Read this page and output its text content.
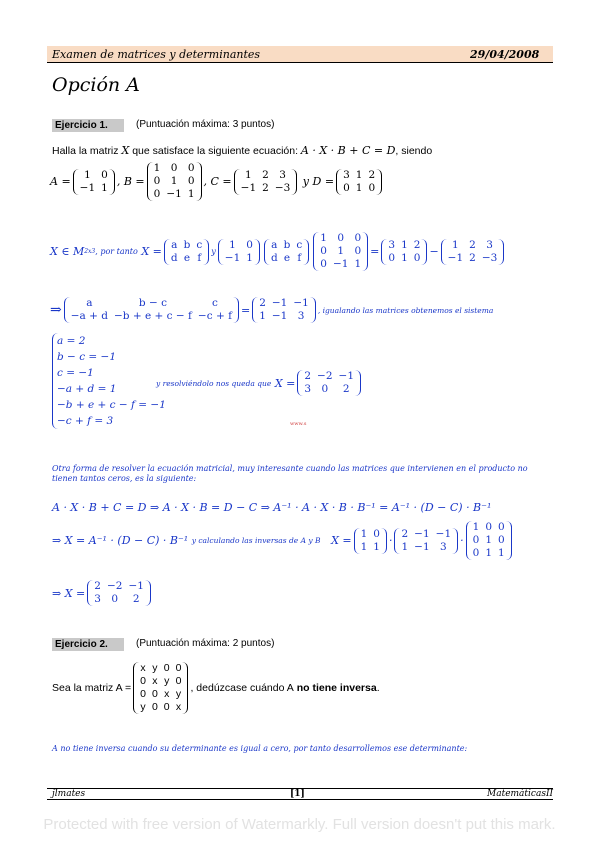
Examen de matrices y determinantes	29/04/2008
Opción A
Ejercicio 1.	(Puntuación máxima: 3 puntos)
Halla la matriz X que satisface la siguiente ecuación: A · X · B + C = D, siendo
A =
1	0
−1	1 ,
B =
1	0	0
0	1	0
0	−1	1
,
C =
1	2	3
−1	2	−3
y
D =
3	1	2
0	1	0
X ∈ M 2x3 , por tanto
X =
a	b	c
d	e	f y
1	0
−1	1
a	b	c
d	e	f
1	0	0
0	1	0
0	−1	1
=
3	1	2
0	1	0 −
1	2	3
−1	2	−3
⇒ a	b − c	c
−a + d	−b + e + c − f	−c + f =
2	−1	−1
1	−1	3 , igualando las matrices obtenemos el sistema
a = 2
b − c = −1
c = −1
−a + d = 1
−b + e + c − f = −1
−c + f = 3
y resolviéndolo nos queda que
X =
2	−2	−1
3	0	2
www.s
Otra forma de resolver la ecuación matricial, muy interesante cuando las matrices que intervienen en el producto no tienen tantos ceros, es la siguiente:
A · X · B + C = D ⇒ A · X · B = D − C ⇒ A⁻¹ · A · X · B · B⁻¹ = A⁻¹ · (D − C) · B⁻¹
⇒ X = A⁻¹ · (D − C) · B⁻¹
y calculando las inversas de A y B
X =
1	0
1	1 ·
2	−1	−1
1	−1	3 ·
1	0	0
0	1	0
0	1	1
⇒ X =
2	−2	−1
3	0	2
Ejercicio 2.	(Puntuación máxima: 2 puntos)
Sea la matriz A =
x	y	0	0
0	x	y	0
0	0	x	y
y	0	0	x
, dedúzcase cuándo A
no tiene inversa .
A no tiene inversa cuando su determinante es igual a cero, por tanto desarrollemos ese determinante:
jlmates	[1]	MatemáticasII
Protected with free version of Watermarkly. Full version doesn't put this mark.
